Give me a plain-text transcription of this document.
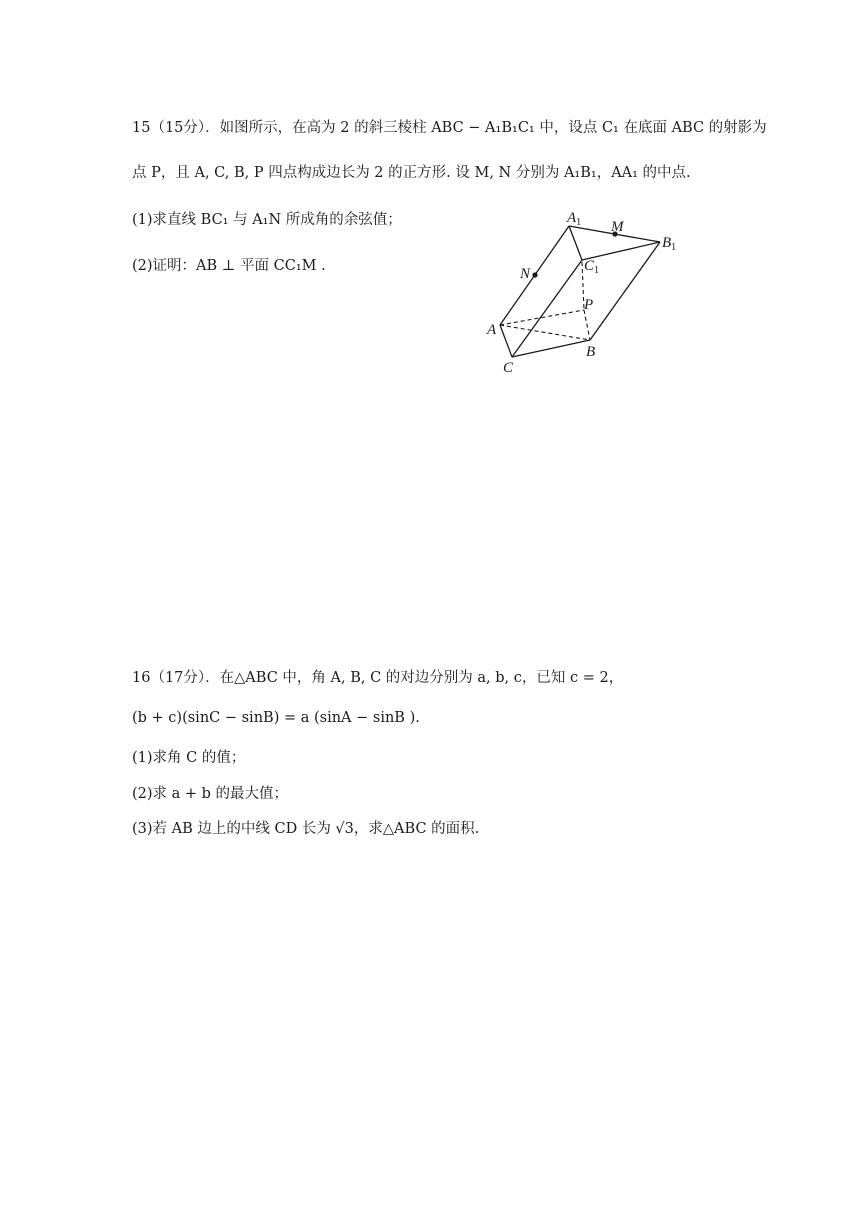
15（15分）．如图所示，在高为 2 的斜三棱柱 ABC − A₁B₁C₁ 中，设点 C₁ 在底面 ABC 的射影为
点 P，且 A, C, B, P 四点构成边长为 2 的正方形. 设 M, N 分别为 A₁B₁，AA₁ 的中点.
(1)求直线 BC₁ 与 A₁N 所成角的余弦值；
(2)证明：AB ⊥ 平面 CC₁M .
$A_1$ M
$B_1$
$C_1$
N
P
A
B
C
16（17分）．在△ABC 中，角 A, B, C 的对边分别为 a, b, c，已知 c = 2，
(b + c)(sinC − sinB) = a (sinA − sinB ).
(1)求角 C 的值；
(2)求 a + b 的最大值；
(3)若 AB 边上的中线 CD 长为 √3，求△ABC 的面积.
